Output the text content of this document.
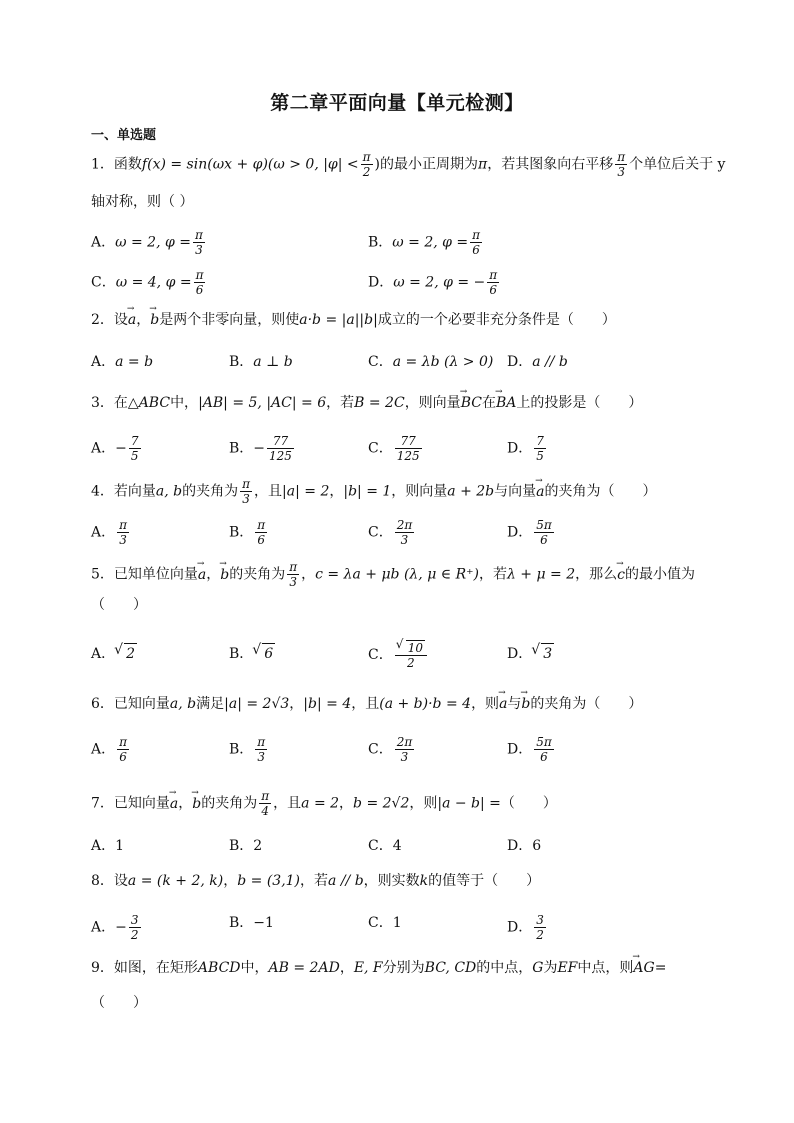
第二章平面向量【单元检测】
一、单选题
1．函数f(x) = sin(ωx + φ)(ω > 0, $|\varphi| < \frac{\pi}{2}$ )的最小正周期为π，若其图象向右平移 $\frac{\pi}{3}$ 个单位后关于 y
轴对称，则（ ）
A．ω = 2, $\varphi = \frac{\pi}{3}$	B．ω = 2, $\varphi = \frac{\pi}{6}$
C．ω = 4, $\varphi = \frac{\pi}{6}$	D．ω = 2, φ = − $\frac{\pi}{6}$
2．设→ a，→ b是两个非零向量，则使a·b = |a||b|成立的一个必要非充分条件是（　　）
A．a = b	B．a ⊥ b	C．a = λb (λ > 0) D．a // b
3．在△ABC中，|AB| = 5, |AC| = 6，若B = 2C，则向量→ BC在→ BA上的投影是（　　）
A．− $\frac{7}{5}$	B．− $\frac{77}{125}$	C． $\frac{77}{125}$	D． $\frac{7}{5}$
4．若向量a, b的夹角为 $\frac{\pi}{3}$ ，且|a| = 2，|b| = 1，则向量a + 2b与向量→ a的夹角为（　　）
A． $\frac{\pi}{3}$	B． $\frac{\pi}{6}$	C． $\frac{2\pi}{3}$	D． $\frac{5\pi}{6}$
5．已知单位向量→ a，→ b的夹角为 $\frac{\pi}{3}$ ，c = λa + μb (λ, μ ∈ R⁺)，若λ + μ = 2，那么→ c的最小值为
（　　）
A． √ 2	B． √ 6	C． √ $\frac{10}{2}$	D． √ 3
6．已知向量a, b满足|a| = 2√3，|b| = 4，且(a + b)·b = 4，则→ a与→ b的夹角为（　　）
A． $\frac{\pi}{6}$	B． $\frac{\pi}{3}$	C． $\frac{2\pi}{3}$	D． $\frac{5\pi}{6}$
7．已知向量→ a，→ b的夹角为 $\frac{\pi}{4}$ ，且a = 2，b = 2√2，则|a − b| =（　　）
A．1	B．2	C．4	D．6
8．设a = (k + 2, k)，b = (3,1)，若a // b，则实数k的值等于（　　）
A．− $\frac{3}{2}$	B．−1	C．1	D． $\frac{3}{2}$
9．如图，在矩形ABCD中，AB = 2AD，E, F分别为BC, CD的中点，G为EF中点，则→ AG=
（　　）
